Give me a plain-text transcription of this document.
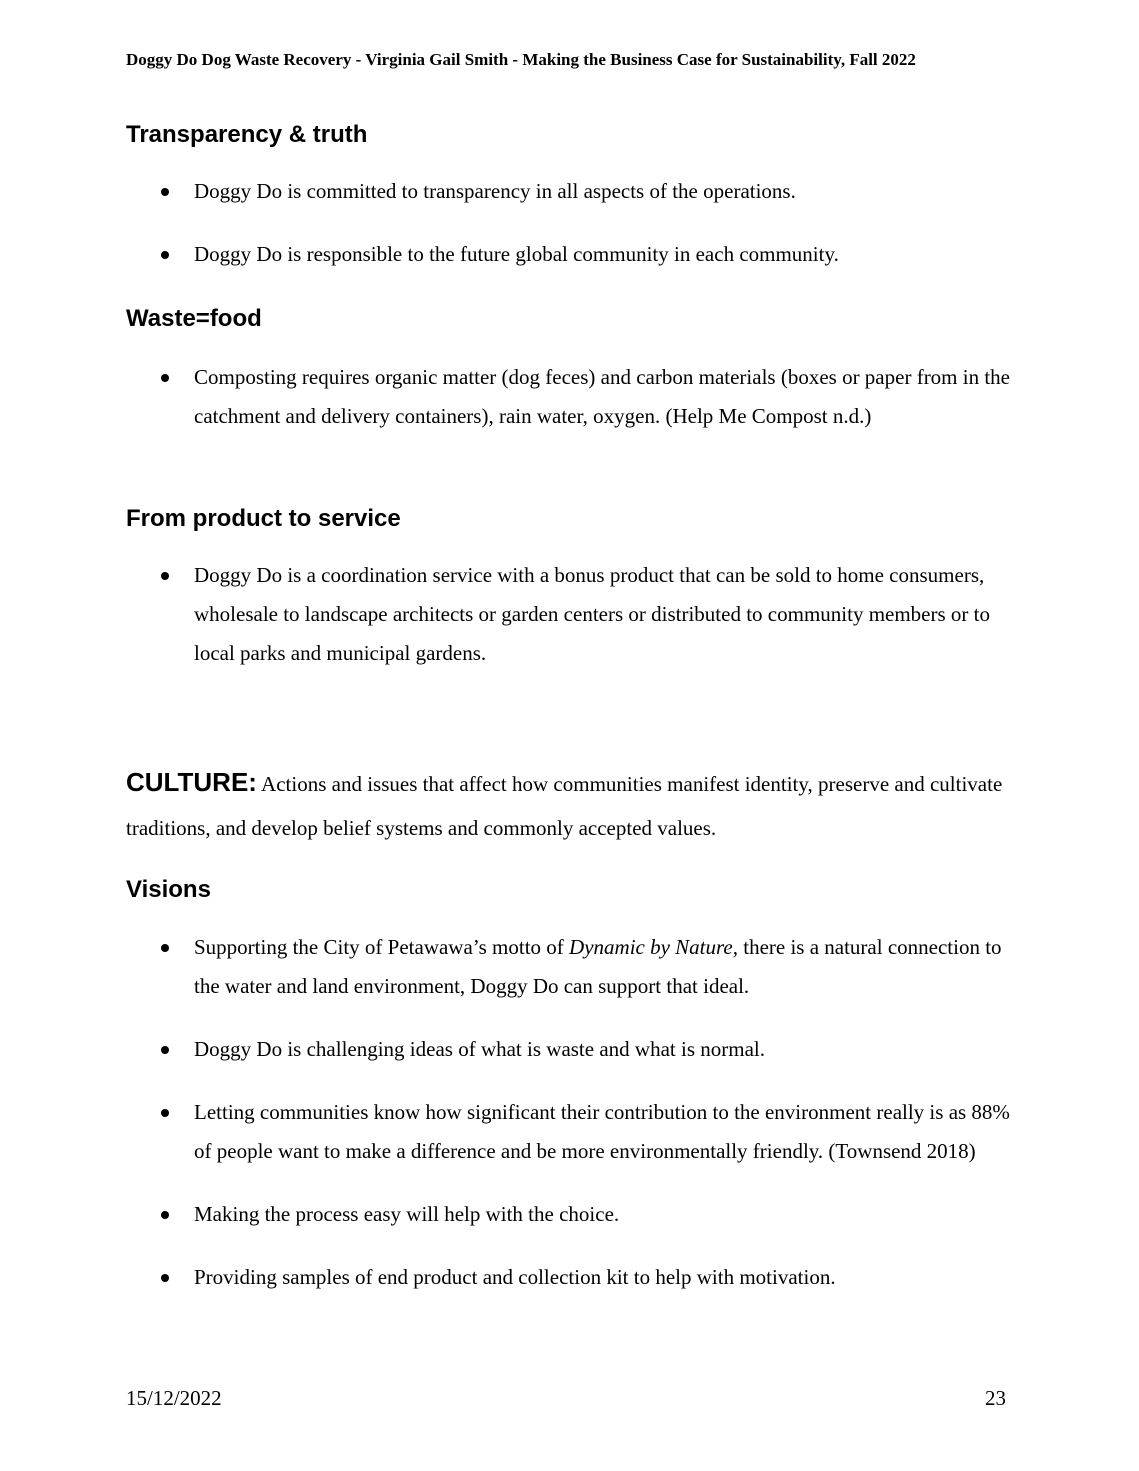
Doggy Do Dog Waste Recovery - Virginia Gail Smith - Making the Business Case for Sustainability, Fall 2022
Transparency & truth
Doggy Do is committed to transparency in all aspects of the operations.
Doggy Do is responsible to the future global community in each community.
Waste=food
Composting requires organic matter (dog feces) and carbon materials (boxes or paper from in the catchment and delivery containers), rain water, oxygen. (Help Me Compost n.d.)
From product to service
Doggy Do is a coordination service with a bonus product that can be sold to home consumers, wholesale to landscape architects or garden centers or distributed to community members or to local parks and municipal gardens.

CULTURE: Actions and issues that affect how communities manifest identity, preserve and cultivate traditions, and develop belief systems and commonly accepted values.

Visions
Supporting the City of Petawawa’s motto of Dynamic by Nature, there is a natural connection to the water and land environment, Doggy Do can support that ideal.
Doggy Do is challenging ideas of what is waste and what is normal.
Letting communities know how significant their contribution to the environment really is as 88% of people want to make a difference and be more environmentally friendly. (Townsend 2018)
Making the process easy will help with the choice.
Providing samples of end product and collection kit to help with motivation.
15/12/2022	23
